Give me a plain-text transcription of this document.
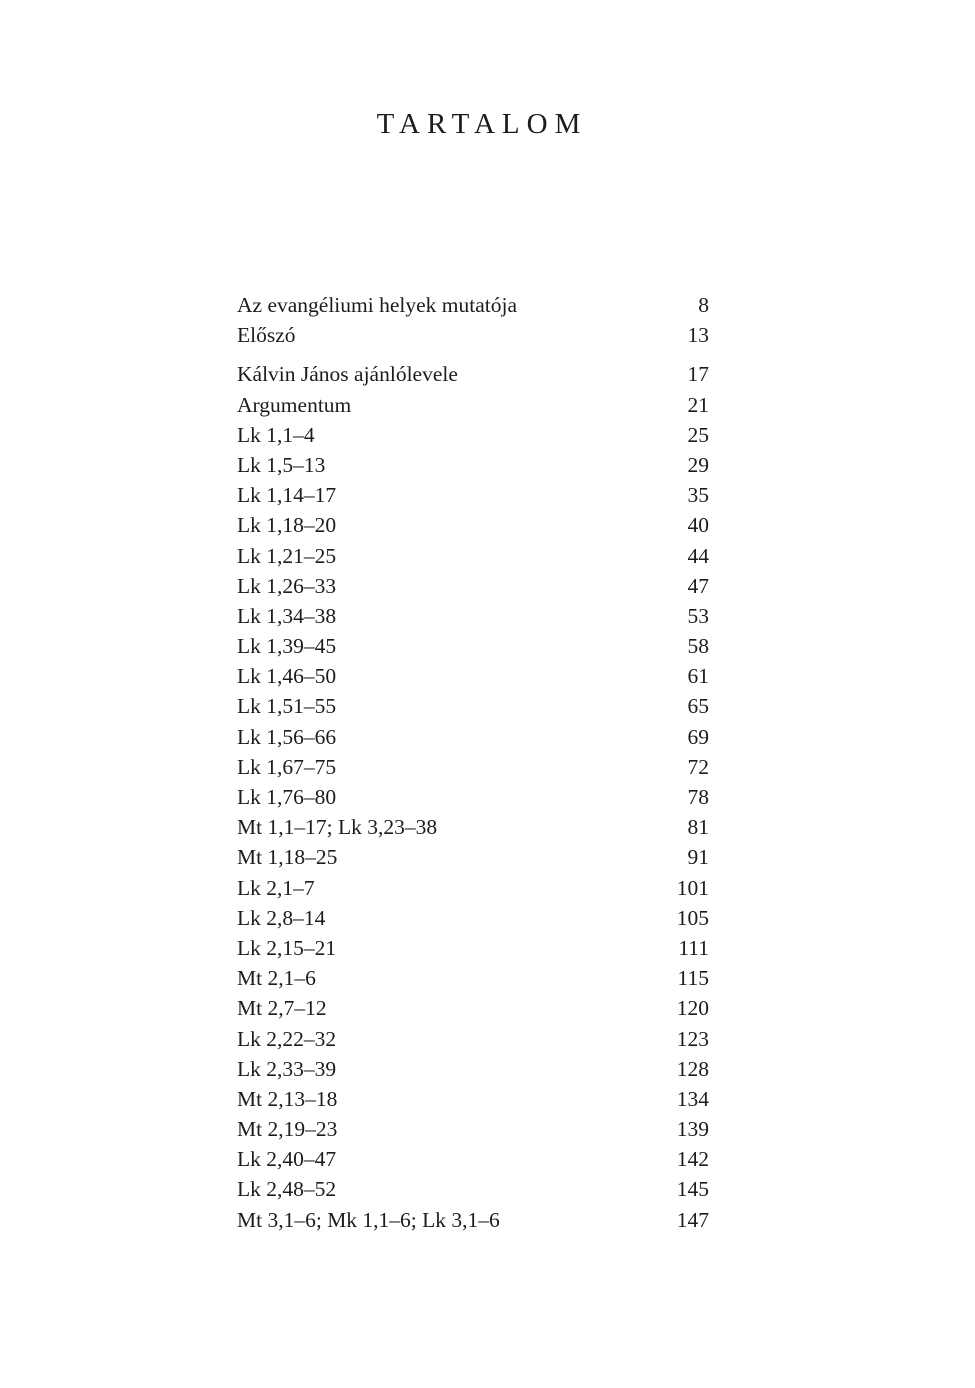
TARTALOM
Az evangéliumi helyek mutatója	8
Előszó	13
Kálvin János ajánlólevele	17
Argumentum	21
Lk 1,1–4	25
Lk 1,5–13	29
Lk 1,14–17	35
Lk 1,18–20	40
Lk 1,21–25	44
Lk 1,26–33	47
Lk 1,34–38	53
Lk 1,39–45	58
Lk 1,46–50	61
Lk 1,51–55	65
Lk 1,56–66	69
Lk 1,67–75	72
Lk 1,76–80	78
Mt 1,1–17; Lk 3,23–38	81
Mt 1,18–25	91
Lk 2,1–7	101
Lk 2,8–14	105
Lk 2,15–21	111
Mt 2,1–6	115
Mt 2,7–12	120
Lk 2,22–32	123
Lk 2,33–39	128
Mt 2,13–18	134
Mt 2,19–23	139
Lk 2,40–47	142
Lk 2,48–52	145
Mt 3,1–6; Mk 1,1–6; Lk 3,1–6	147
